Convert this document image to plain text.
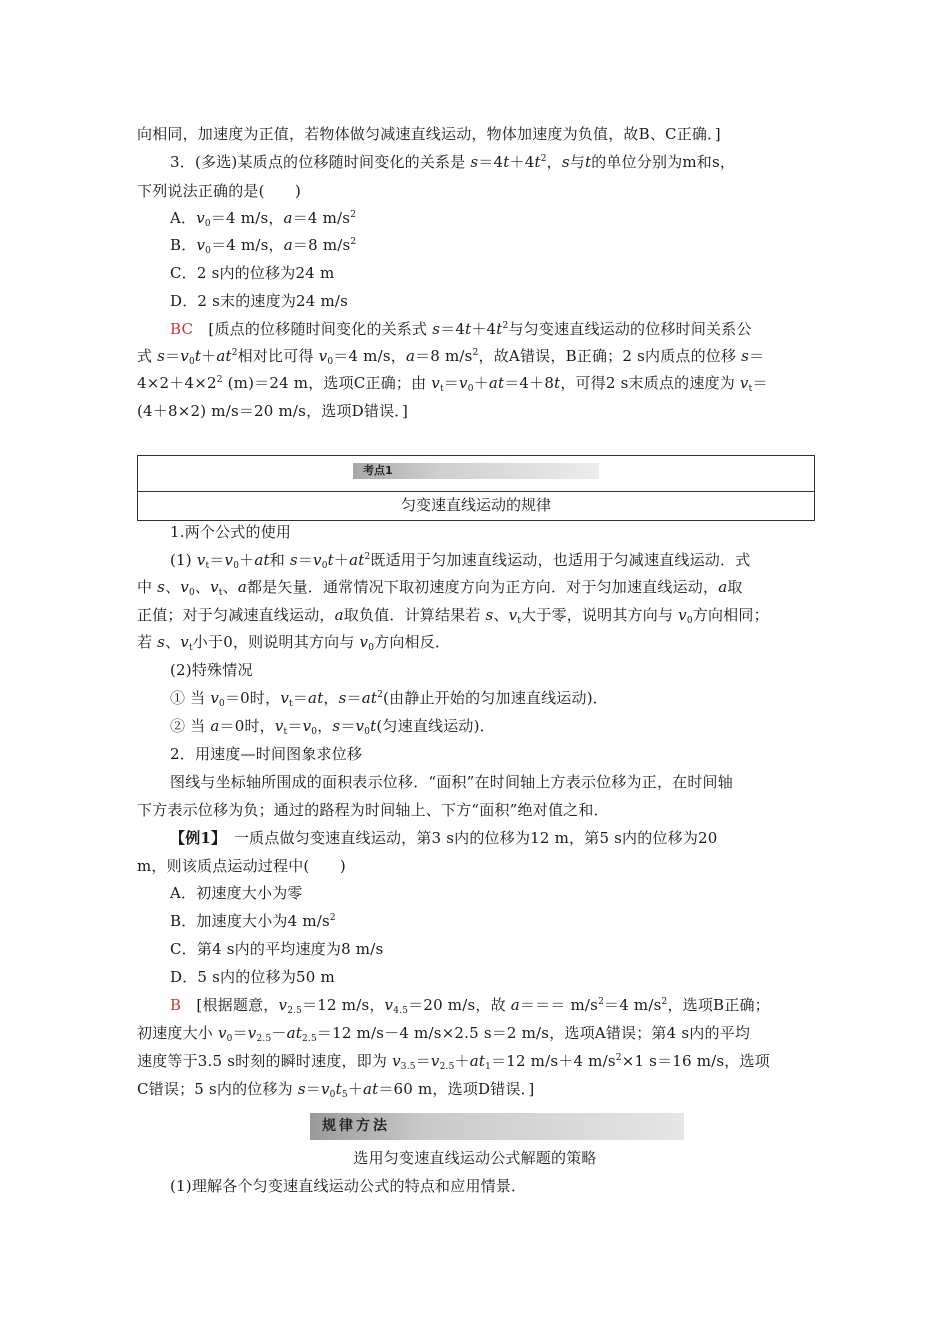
向相同，加速度为正值，若物体做匀减速直线运动，物体加速度为负值，故B、C正确．]
3．(多选)某质点的位移随时间变化的关系是 $s=4t+4t^2$，s与t的单位分别为m和s，
下列说法正确的是(　　)
A．$v_0=4$ m/s，a＝4 $m/s^2$
B．$v_0=4$ m/s，a＝8 $m/s^2$
C．2 s内的位移为24 m
D．2 s末的速度为24 m/s
BC　[质点的位移随时间变化的关系式 $s=4t+4t^2$与匀变速直线运动的位移时间关系公
式 $s=v_0t+at^2$相对比可得 $v_0=4$ m/s，a＝8 $m/s^2$，故A错误，B正确；2 s内质点的位移 s＝
$4\times 2+4\times 2^2$ (m)＝24 m，选项C正确；由 $v_t=v_0+at=4+8t$，可得2 s末质点的速度为 $v_t=$
(4＋8×2) m/s＝20 m/s，选项D错误．]
考点1
匀变速直线运动的规律
1.两个公式的使用
(1) $v_t=v_0+at$和 $s=v_0t+at^2$既适用于匀加速直线运动，也适用于匀减速直线运动．式
中 s、$v_0$、$v_t$、a都是矢量．通常情况下取初速度方向为正方向．对于匀加速直线运动，a取
正值；对于匀减速直线运动，a取负值．计算结果若 s、$v_t$大于零，说明其方向与 $v_0$方向相同；
若 s、$v_t$小于0，则说明其方向与 $v_0$方向相反．
(2)特殊情况
① 当 $v_0=0$时，$v_t=at$，$s=at^2$(由静止开始的匀加速直线运动)．
② 当 a＝0时，$v_t=v_0$，$s=v_0t$(匀速直线运动)．
2．用速度—时间图象求位移
图线与坐标轴所围成的面积表示位移．“面积”在时间轴上方表示位移为正，在时间轴
下方表示位移为负；通过的路程为时间轴上、下方“面积”绝对值之和．
【例1】　一质点做匀变速直线运动，第3 s内的位移为12 m，第5 s内的位移为20
m，则该质点运动过程中(　　)
A．初速度大小为零
B．加速度大小为4 $m/s^2$
C．第4 s内的平均速度为8 m/s
D．5 s内的位移为50 m
B　[根据题意，$v_{2.5}=12$ m/s，$v_{4.5}=20$ m/s，故 $a=== m/s^2=4$ $m/s^2$，选项B正确；
初速度大小 $v_0=v_{2.5}-at_{2.5}=12$ m/s－4 m/s×2.5 s＝2 m/s，选项A错误；第4 s内的平均
速度等于3.5 s时刻的瞬时速度，即为 $v_{3.5}=v_{2.5}+at_1=12$ m/s＋4 $m/s^2\times 1$ s＝16 m/s，选项
C错误；5 s内的位移为 $s=v_0t_5+at=60$ m，选项D错误．]
规律方法
选用匀变速直线运动公式解题的策略
(1)理解各个匀变速直线运动公式的特点和应用情景．
